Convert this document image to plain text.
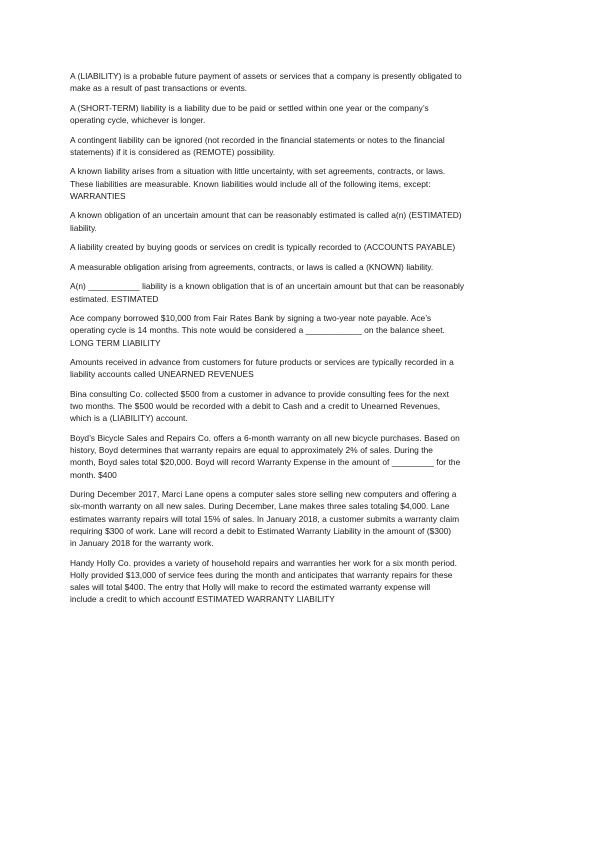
A (LIABILITY) is a probable future payment of assets or services that a company is presently obligated to
make as a result of past transactions or events.

A (SHORT-TERM) liability is a liability due to be paid or settled within one year or the company’s
operating cycle, whichever is longer.

A contingent liability can be ignored (not recorded in the financial statements or notes to the financial
statements) if it is considered as (REMOTE) possibility.

A known liability arises from a situation with little uncertainty, with set agreements, contracts, or laws.
These liabilities are measurable. Known liabilities would include all of the following items, except:
WARRANTIES

A known obligation of an uncertain amount that can be reasonably estimated is called a(n) (ESTIMATED)
liability.

A liability created by buying goods or services on credit is typically recorded to (ACCOUNTS PAYABLE)

A measurable obligation arising from agreements, contracts, or laws is called a (KNOWN) liability.

A(n) ___________ liability is a known obligation that is of an uncertain amount but that can be reasonably
estimated. ESTIMATED

Ace company borrowed $10,000 from Fair Rates Bank by signing a two-year note payable. Ace’s
operating cycle is 14 months. This note would be considered a ____________ on the balance sheet.
LONG TERM LIABILITY

Amounts received in advance from customers for future products or services are typically recorded in a
liability accounts called UNEARNED REVENUES

Bina consulting Co. collected $500 from a customer in advance to provide consulting fees for the next
two months. The $500 would be recorded with a debit to Cash and a credit to Unearned Revenues,
which is a (LIABILITY) account.

Boyd’s Bicycle Sales and Repairs Co. offers a 6-month warranty on all new bicycle purchases. Based on
history, Boyd determines that warranty repairs are equal to approximately 2% of sales. During the
month, Boyd sales total $20,000. Boyd will record Warranty Expense in the amount of _________ for the
month. $400

During December 2017, Marci Lane opens a computer sales store selling new computers and offering a
six-month warranty on all new sales. During December, Lane makes three sales totaling $4,000. Lane
estimates warranty repairs will total 15% of sales. In January 2018, a customer submits a warranty claim
requiring $300 of work. Lane will record a debit to Estimated Warranty Liability in the amount of ($300)
in January 2018 for the warranty work.

Handy Holly Co. provides a variety of household repairs and warranties her work for a six month period.
Holly provided $13,000 of service fees during the month and anticipates that warranty repairs for these
sales will total $400. The entry that Holly will make to record the estimated warranty expense will
include a credit to which accountf ESTIMATED WARRANTY LIABILITY
